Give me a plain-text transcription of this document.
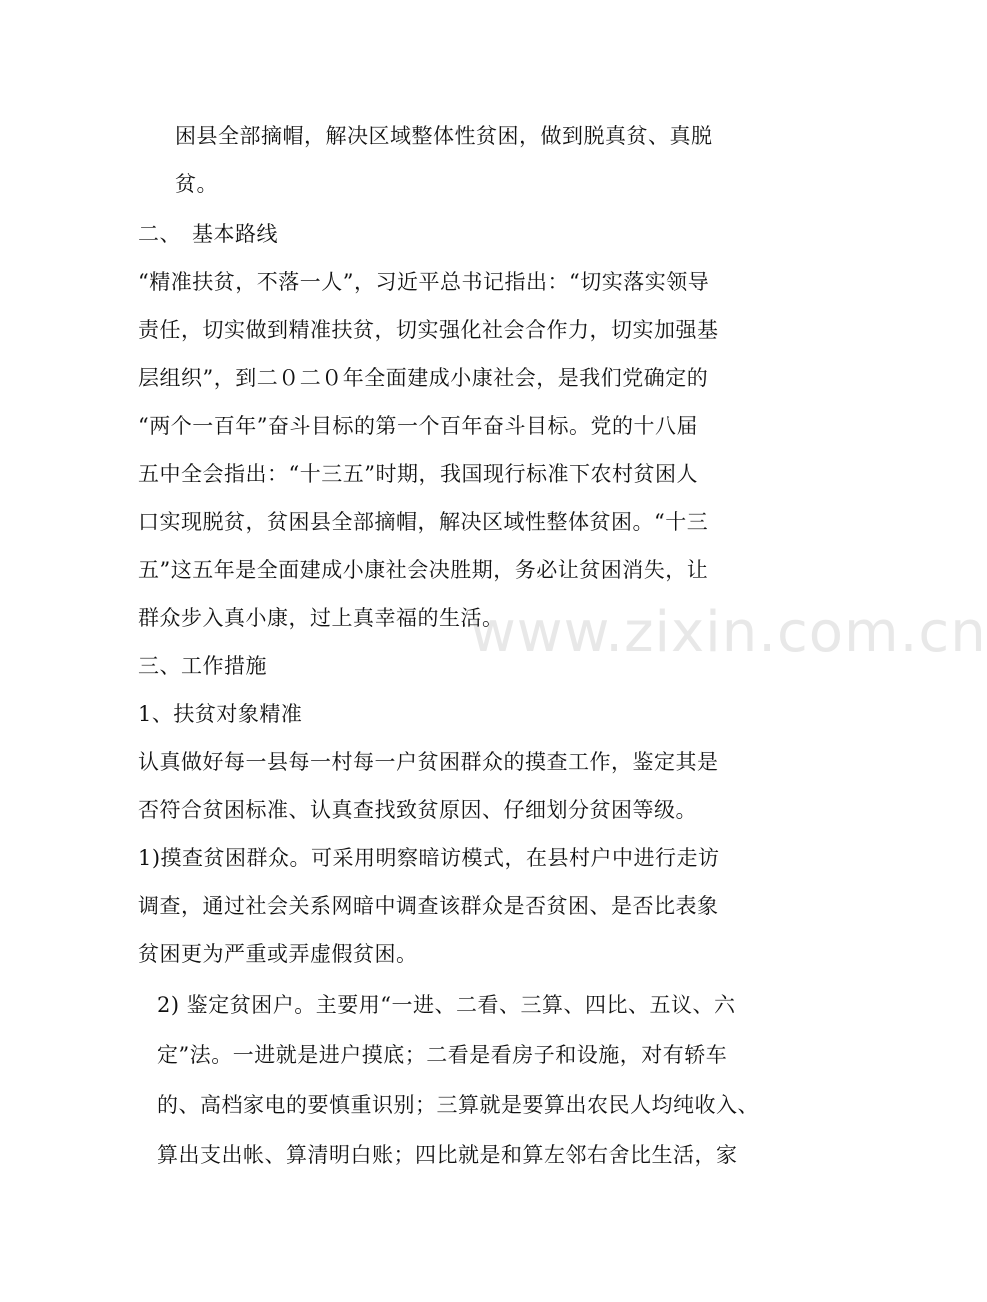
www.zixin.com.cn
困县全部摘帽，解决区域整体性贫困，做到脱真贫、真脱
贫。
二、　基本路线
“精准扶贫，不落一人”，习近平总书记指出：“切实落实领导
责任，切实做到精准扶贫，切实强化社会合作力，切实加强基
层组织”，到二０二０年全面建成小康社会，是我们党确定的
“两个一百年”奋斗目标的第一个百年奋斗目标。党的十八届
五中全会指出：“十三五”时期，我国现行标准下农村贫困人
口实现脱贫，贫困县全部摘帽，解决区域性整体贫困。“十三
五”这五年是全面建成小康社会决胜期，务必让贫困消失，让
群众步入真小康，过上真幸福的生活。
三、工作措施
1、扶贫对象精准
认真做好每一县每一村每一户贫困群众的摸查工作，鉴定其是
否符合贫困标准、认真查找致贫原因、仔细划分贫困等级。
1)摸查贫困群众。可采用明察暗访模式，在县村户中进行走访
调查，通过社会关系网暗中调查该群众是否贫困、是否比表象
贫困更为严重或弄虚假贫困。
2) 鉴定贫困户。主要用“一进、二看、三算、四比、五议、六
定”法。一进就是进户摸底；二看是看房子和设施，对有轿车
的、高档家电的要慎重识别；三算就是要算出农民人均纯收入、
算出支出帐、算清明白账；四比就是和算左邻右舍比生活，家
